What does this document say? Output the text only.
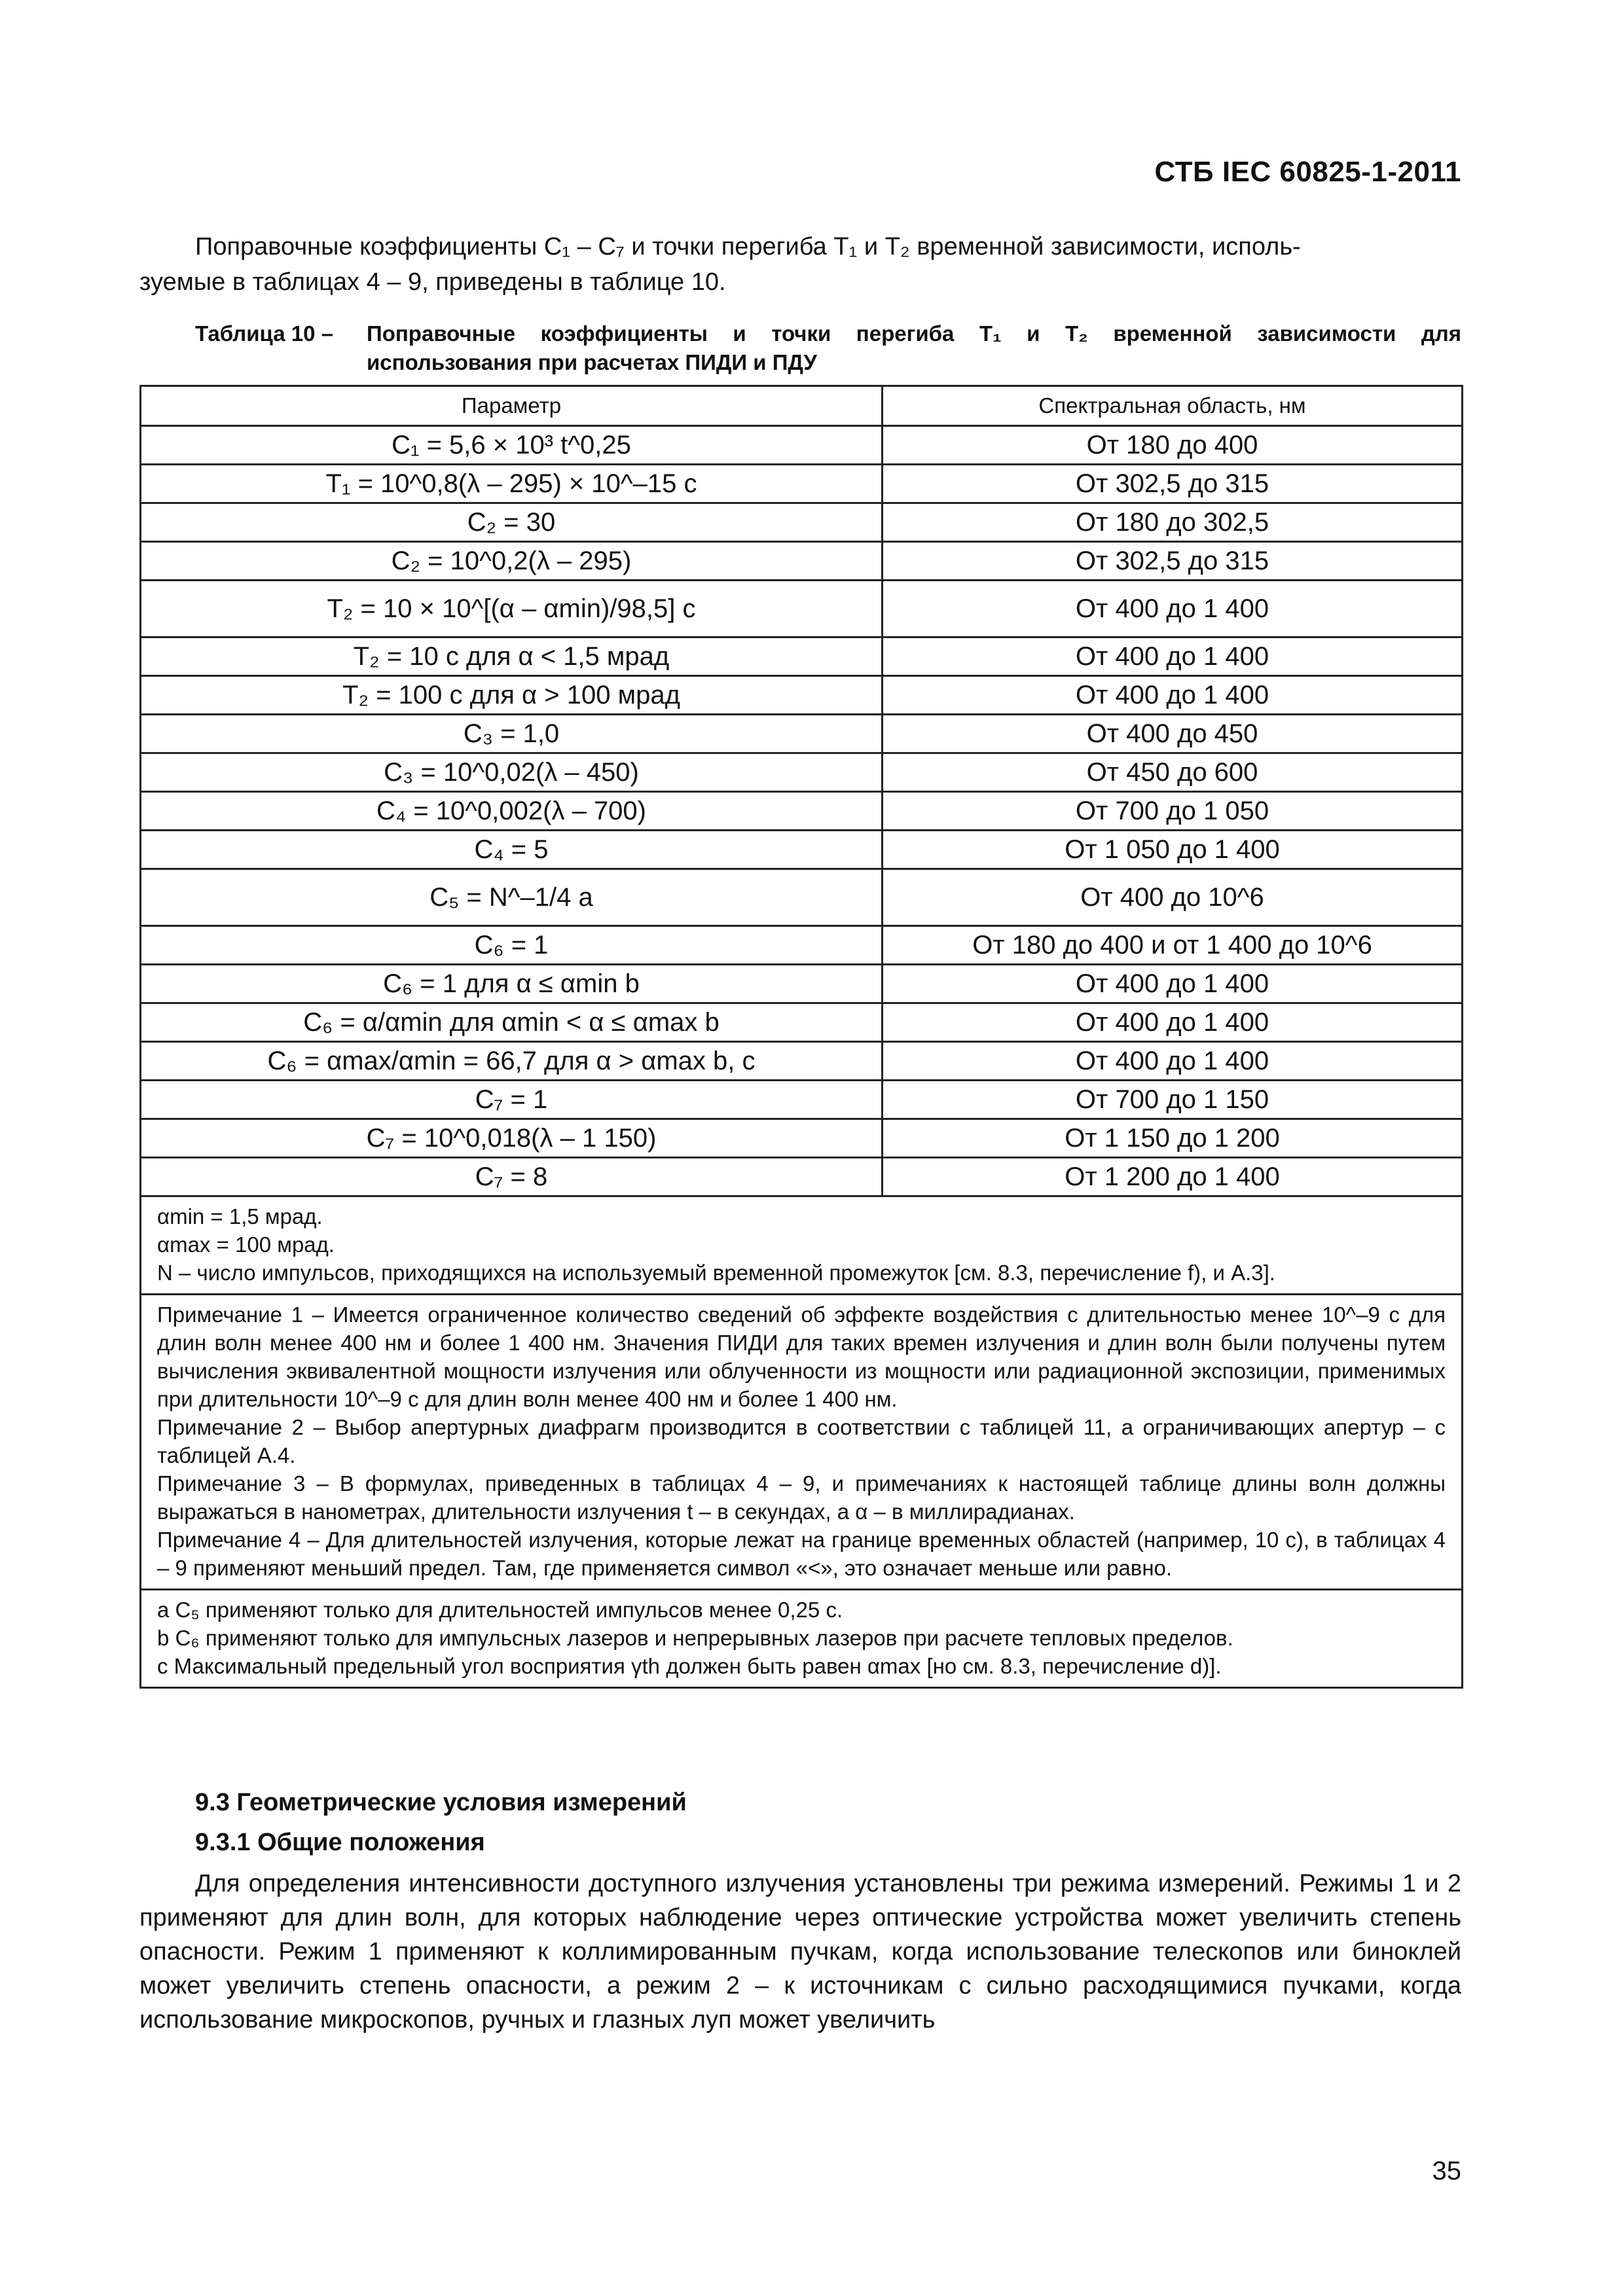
СТБ IEC 60825-1-2011
Поправочные коэффициенты C₁ – C₇ и точки перегиба T₁ и T₂ временной зависимости, исполь-
зуемые в таблицах 4 – 9, приведены в таблице 10.
Таблица 10 – Поправочные коэффициенты и точки перегиба T₁ и T₂ временной зависимости для
использования при расчетах ПИДИ и ПДУ
Параметр	Спектральная область, нм
C₁ = 5,6 × 10³ t^0,25	От 180 до 400
T₁ = 10^0,8(λ – 295) × 10^–15 с	От 302,5 до 315
C₂ = 30	От 180 до 302,5
C₂ = 10^0,2(λ – 295)	От 302,5 до 315
T₂ = 10 × 10^[(α – αmin)/98,5] с	От 400 до 1 400
T₂ = 10 с для α < 1,5 мрад	От 400 до 1 400
T₂ = 100 с для α > 100 мрад	От 400 до 1 400
C₃ = 1,0	От 400 до 450
C₃ = 10^0,02(λ – 450)	От 450 до 600
C₄ = 10^0,002(λ – 700)	От 700 до 1 050
C₄ = 5	От 1 050 до 1 400
C₅ = N^–1/4 a	От 400 до 10^6
C₆ = 1	От 180 до 400 и от 1 400 до 10^6
C₆ = 1 для α ≤ αmin b	От 400 до 1 400
C₆ = α/αmin для αmin < α ≤ αmax b	От 400 до 1 400
C₆ = αmax/αmin = 66,7 для α > αmax b, c	От 400 до 1 400
C₇ = 1	От 700 до 1 150
C₇ = 10^0,018(λ – 1 150)	От 1 150 до 1 200
C₇ = 8	От 1 200 до 1 400

αmin = 1,5 мрад.
αmax = 100 мрад.
N – число импульсов, приходящихся на используемый временной промежуток [см. 8.3, перечисление f), и А.3].	

Примечание 1 – Имеется ограниченное количество сведений об эффекте воздействия с длительностью менее 10^–9 с для длин волн менее 400 нм и более 1 400 нм. Значения ПИДИ для таких времен излучения и длин волн были получены путем вычисления эквивалентной мощности излучения или облученности из мощности или радиационной экспозиции, применимых при длительности 10^–9 с для длин волн менее 400 нм и более 1 400 нм.
Примечание 2 – Выбор апертурных диафрагм производится в соответствии с таблицей 11, а ограничивающих апертур – с таблицей А.4.
Примечание 3 – В формулах, приведенных в таблицах 4 – 9, и примечаниях к настоящей таблице длины волн должны выражаться в нанометрах, длительности излучения t – в секундах, а α – в миллирадианах.
Примечание 4 – Для длительностей излучения, которые лежат на границе временных областей (например, 10 с), в таблицах 4 – 9 применяют меньший предел. Там, где применяется символ «<», это означает меньше или равно.	

a C₅ применяют только для длительностей импульсов менее 0,25 с.
b C₆ применяют только для импульсных лазеров и непрерывных лазеров при расчете тепловых пределов.
c Максимальный предельный угол восприятия γth должен быть равен αmax [но см. 8.3, перечисление d)].	
9.3 Геометрические условия измерений
9.3.1 Общие положения
Для определения интенсивности доступного излучения установлены три режима измерений. Режимы 1 и 2 применяют для длин волн, для которых наблюдение через оптические устройства может увеличить степень опасности. Режим 1 применяют к коллимированным пучкам, когда использование телескопов или биноклей может увеличить степень опасности, а режим 2 – к источникам с сильно расходящимися пучками, когда использование микроскопов, ручных и глазных луп может увеличить
35
